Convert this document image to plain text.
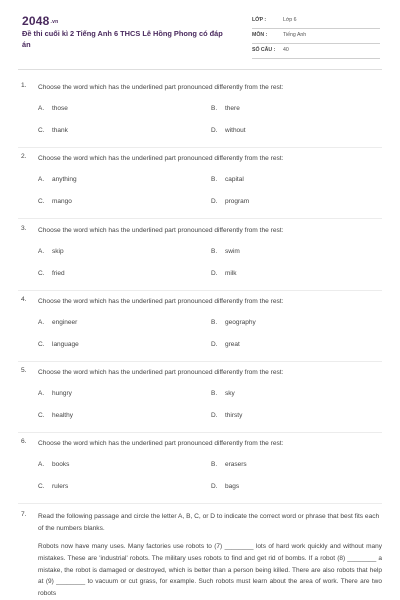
2048.vn
Đề thi cuối kì 2 Tiếng Anh 6 THCS Lê Hồng Phong có đáp án
LỚP :	Lớp 6
MÔN :	Tiếng Anh
SỐ CÂU : 40
1. Choose the word which has the underlined part pronounced differently from the rest:
A. those	B. there
C. thank	D. without
2. Choose the word which has the underlined part pronounced differently from the rest:
A. anything	B. capital
C. mango	D. program
3. Choose the word which has the underlined part pronounced differently from the rest:
A. skip	B. swim
C. fried	D. milk
4. Choose the word which has the underlined part pronounced differently from the rest:
A. engineer	B. geography
C. language	D. great
5. Choose the word which has the underlined part pronounced differently from the rest:
A. hungry	B. sky
C. healthy	D. thirsty
6. Choose the word which has the underlined part pronounced differently from the rest:
A. books	B. erasers
C. rulers	D. bags
7. Read the following passage and circle the letter A, B, C, or D to indicate the correct word or phrase that best fits each of the numbers blanks.
Robots now have many uses. Many factories use robots to (7) ________ lots of hard work quickly and without many mistakes. These are 'industrial' robots. The military uses robots to find and get rid of bombs. If a robot (8) ________ a mistake, the robot is damaged or destroyed, which is better than a person being killed. There are also robots that help at (9) ________ to vacuum or cut grass, for example. Such robots must learn about the area of work. There are two robots
